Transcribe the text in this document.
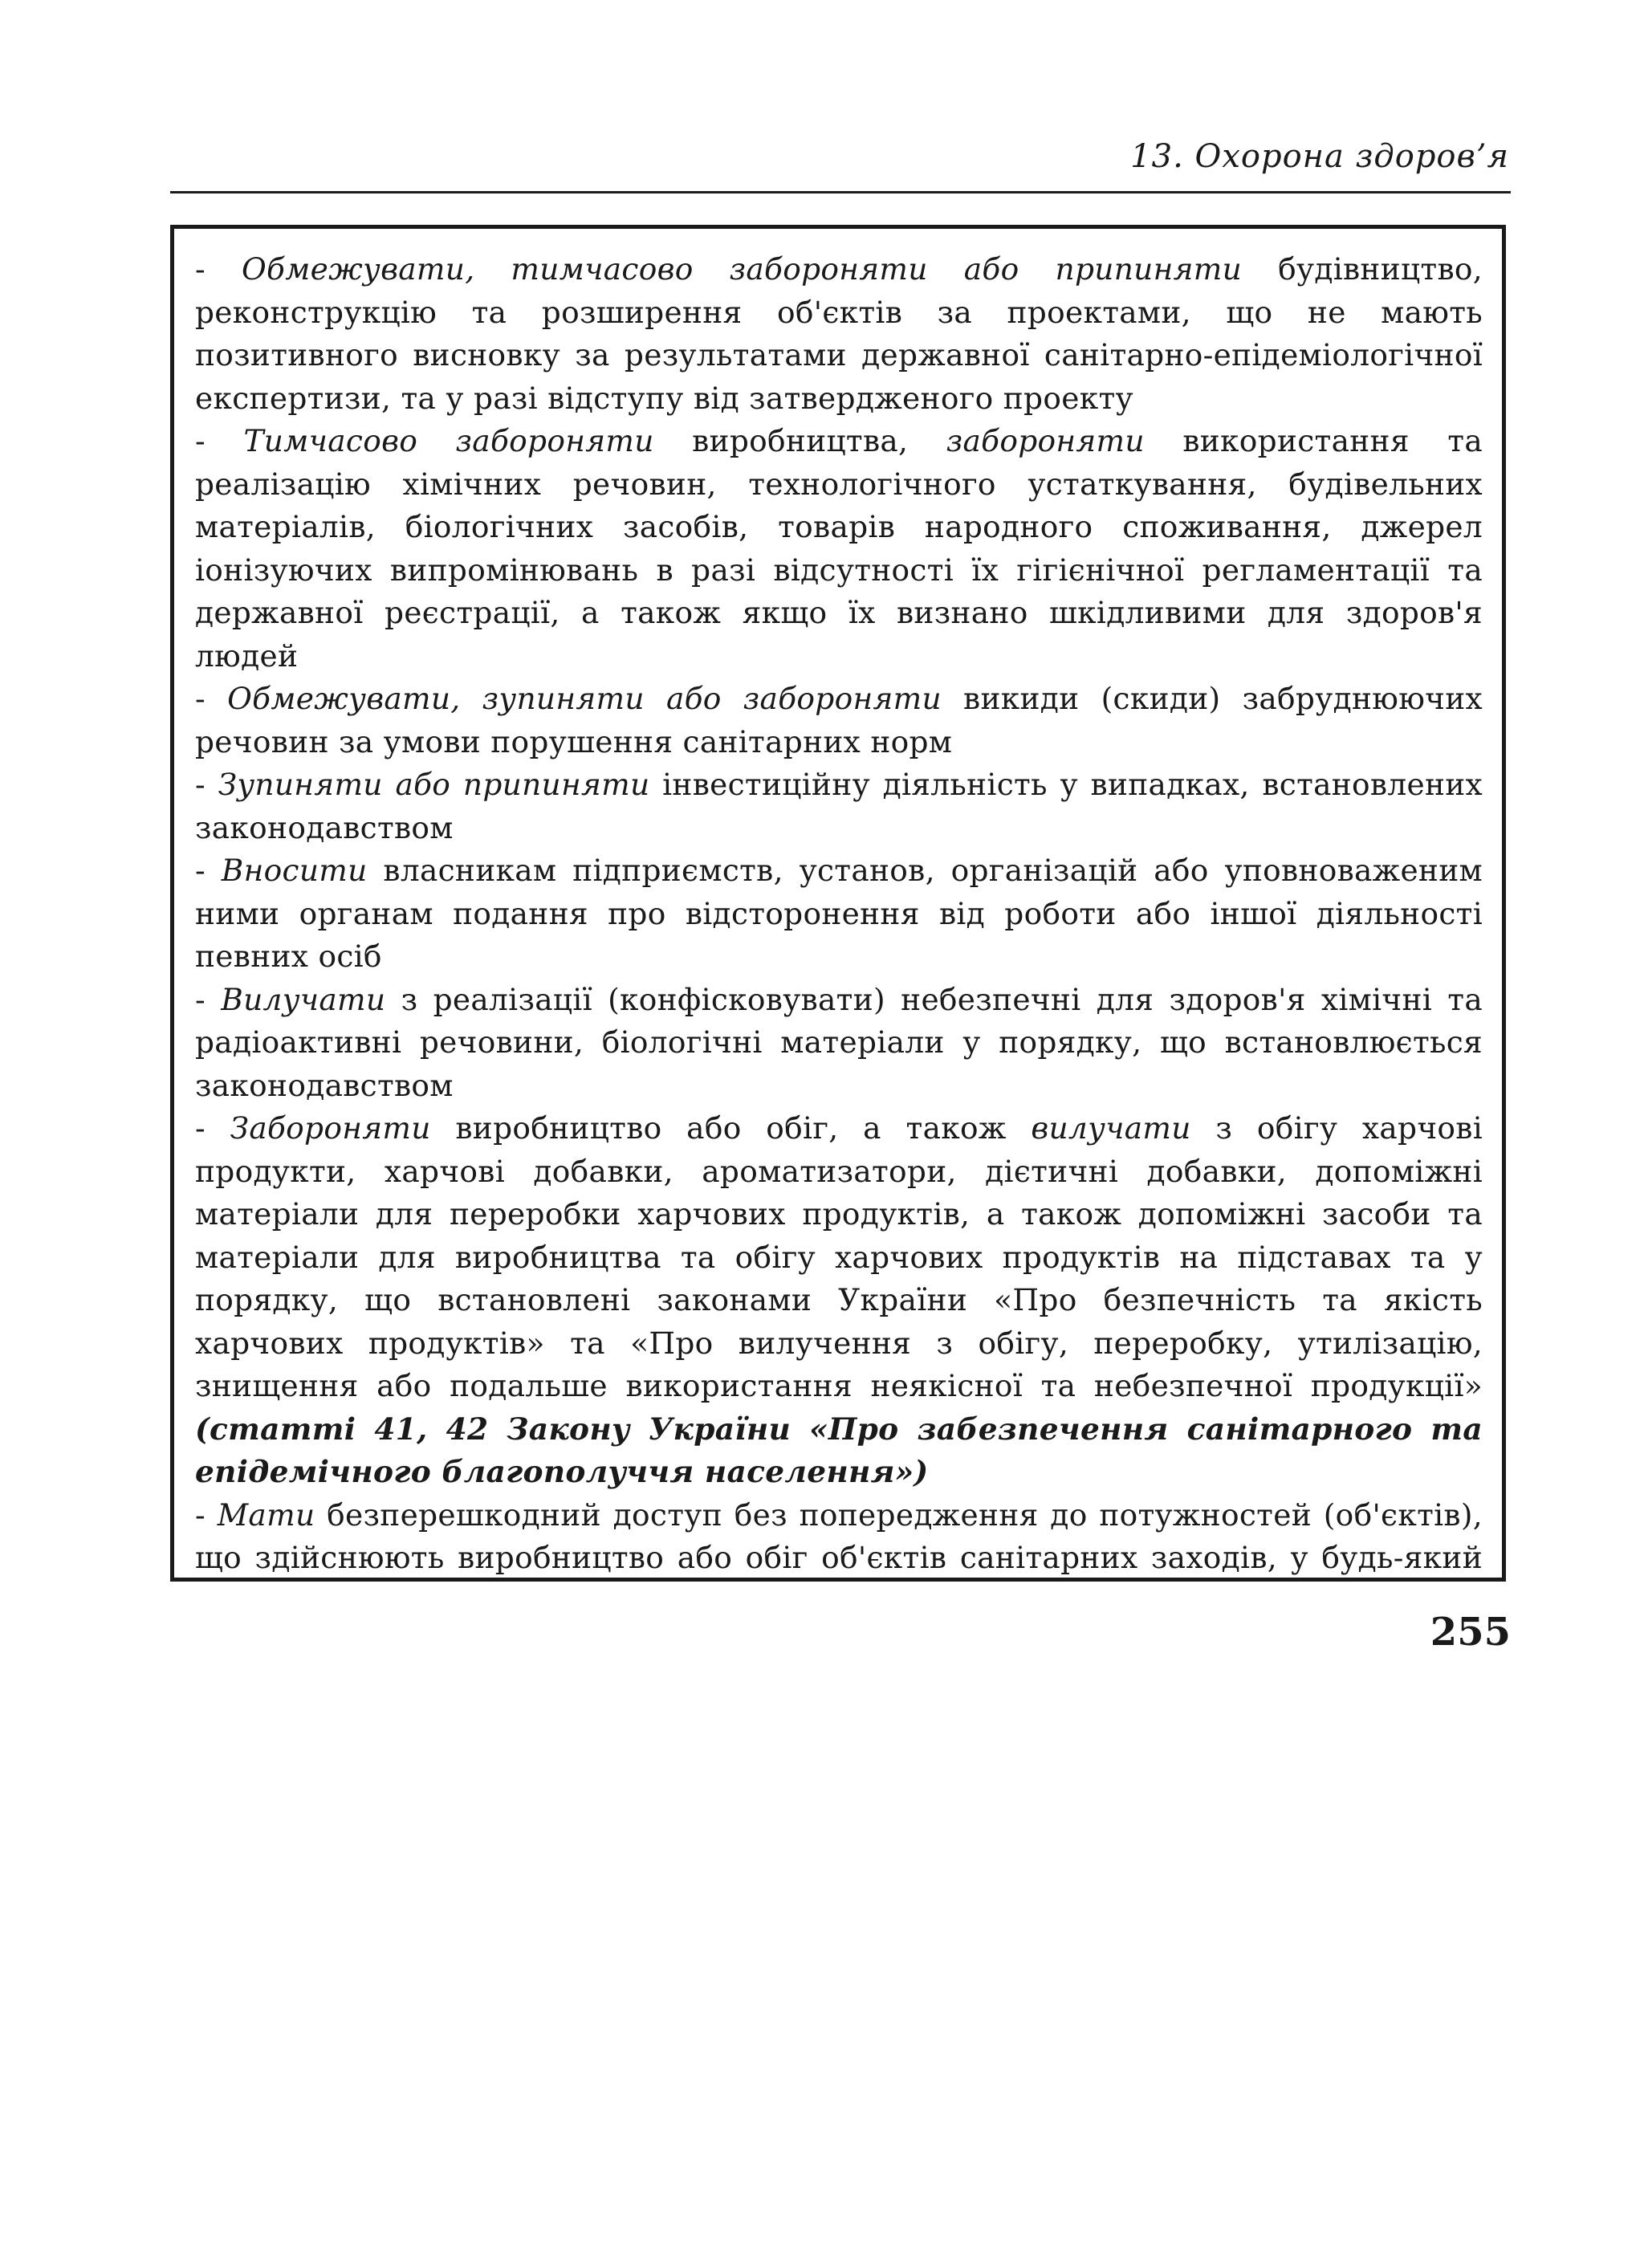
13. Охорона здоров’я

- Обмежувати, тимчасово забороняти або припиняти будівництво, реконструкцію та розширення об'єктів за проектами, що не мають позитивного висновку за результатами державної санітарно-епідеміологічної експертизи, та у разі відступу від затвердженого проекту

- Тимчасово забороняти виробництва, забороняти використання та реалізацію хімічних речовин, технологічного устаткування, будівельних матеріалів, біологічних засобів, товарів народного споживання, джерел іонізуючих випромінювань в разі відсутності їх гігієнічної регламентації та державної реєстрації, а також якщо їх визнано шкідливими для здоров'я людей

- Обмежувати, зупиняти або забороняти викиди (скиди) забруднюючих речовин за умови порушення санітарних норм

- Зупиняти або припиняти інвестиційну діяльність у випадках, встановлених законодавством

- Вносити власникам підприємств, установ, організацій або уповноваженим ними органам подання про відсторонення від роботи або іншої діяльності певних осіб

- Вилучати з реалізації (конфісковувати) небезпечні для здоров'я хімічні та радіоактивні речовини, біологічні матеріали у порядку, що встановлюється законодавством

- Забороняти виробництво або обіг, а також вилучати з обігу харчові продукти, харчові добавки, ароматизатори, дієтичні добавки, допоміжні матеріали для переробки харчових продуктів, а також допоміжні засоби та матеріали для виробництва та обігу харчових продуктів на підставах та у порядку, що встановлені законами України «Про безпечність та якість харчових продуктів» та «Про вилучення з обігу, переробку, утилізацію, знищення або подальше використання неякісної та небезпечної продукції» (статті 41, 42 Закону України «Про забезпечення санітарного та епідемічного благополуччя населення»)

- Мати безперешкодний доступ без попередження до потужностей (об'єктів), що здійснюють виробництво або обіг об'єктів санітарних заходів, у будь-який

255
